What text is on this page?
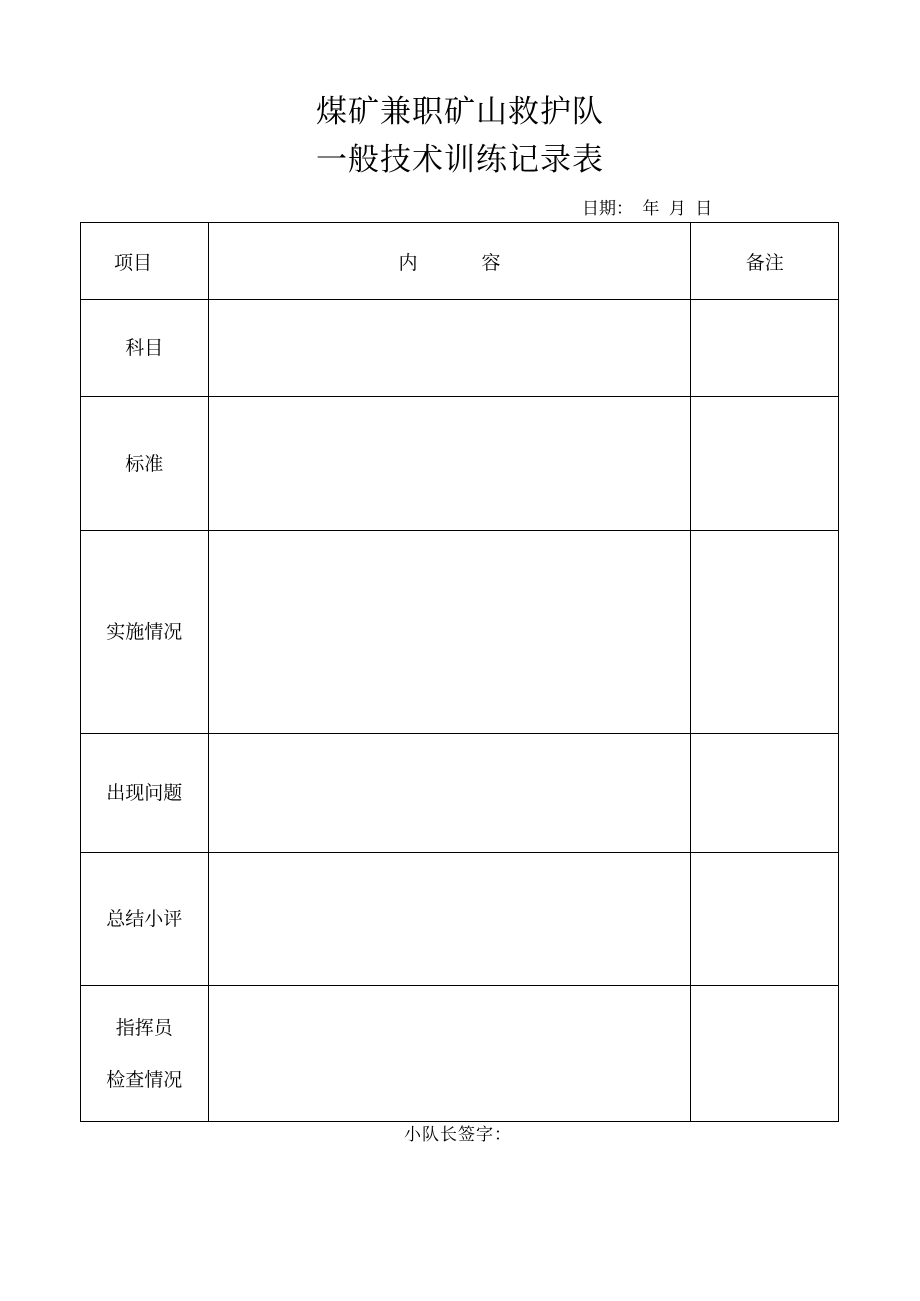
煤矿兼职矿山救护队
一般技术训练记录表
日期： 年 月 日
项目	内 容	备注
科目		
标准		
实施情况		
出现问题		
总结小评		
指挥员
检查情况		
小队长签字：
